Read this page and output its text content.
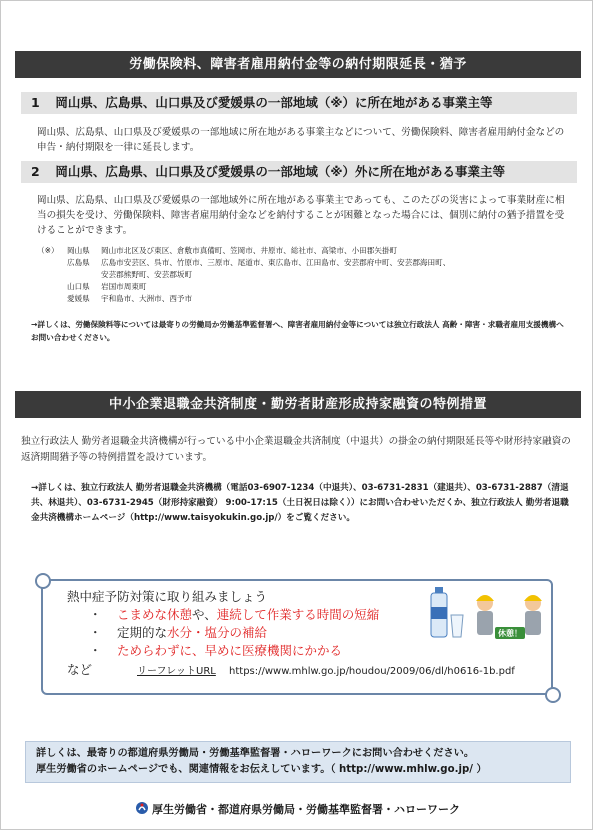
労働保険料、障害者雇用納付金等の納付期限延長・猶予
1 岡山県、広島県、山口県及び愛媛県の一部地域（※）に所在地がある事業主等
岡山県、広島県、山口県及び愛媛県の一部地域に所在地がある事業主などについて、労働保険料、障害者雇用納付金などの申告・納付期限を一律に延長します。
2 岡山県、広島県、山口県及び愛媛県の一部地域（※）外に所在地がある事業主等
岡山県、広島県、山口県及び愛媛県の一部地域外に所在地がある事業主であっても、このたびの災害によって事業財産に相当の損失を受け、労働保険料、障害者雇用納付金などを納付することが困難となった場合には、個別に納付の猶予措置を受けることができます。
（※）	岡山県	岡山市北区及び東区、倉敷市真備町、笠岡市、井原市、総社市、高梁市、小田郡矢掛町
広島県	広島市安芸区、呉市、竹原市、三原市、尾道市、東広島市、江田島市、安芸郡府中町、安芸郡海田町、
安芸郡熊野町、安芸郡坂町
山口県	岩国市周東町
愛媛県	宇和島市、大洲市、西予市
→詳しくは、労働保険料等については最寄りの労働局か労働基準監督署へ、障害者雇用納付金等については独立行政法人 高齢・障害・求職者雇用支援機構へお問い合わせください。
中小企業退職金共済制度・勤労者財産形成持家融資の特例措置
独立行政法人 勤労者退職金共済機構が行っている中小企業退職金共済制度（中退共）の掛金の納付期限延長等や財形持家融資の返済期間猶予等の特例措置を設けています。
→詳しくは、独立行政法人 勤労者退職金共済機構（電話03-6907-1234（中退共）、03-6731-2831（建退共）、03-6731-2887（清退共、林退共）、03-6731-2945（財形持家融資） 9:00-17:15（土日祝日は除く））にお問い合わせいただくか、独立行政法人 勤労者退職金共済機構ホームページ（http://www.taisyokukin.go.jp/）をご覧ください。
熱中症予防対策に取り組みましょう
・ こまめな休憩や、連続して作業する時間の短縮
・ 定期的な水分・塩分の補給
・ ためらわずに、早めに医療機関にかかる
など	リーフレットURL https://www.mhlw.go.jp/houdou/2009/06/dl/h0616-1b.pdf
休憩！
詳しくは、最寄りの都道府県労働局・労働基準監督署・ハローワークにお問い合わせください。
厚生労働省のホームページでも、関連情報をお伝えしています。（ http://www.mhlw.go.jp/ ）
厚生労働省・都道府県労働局・労働基準監督署・ハローワーク
